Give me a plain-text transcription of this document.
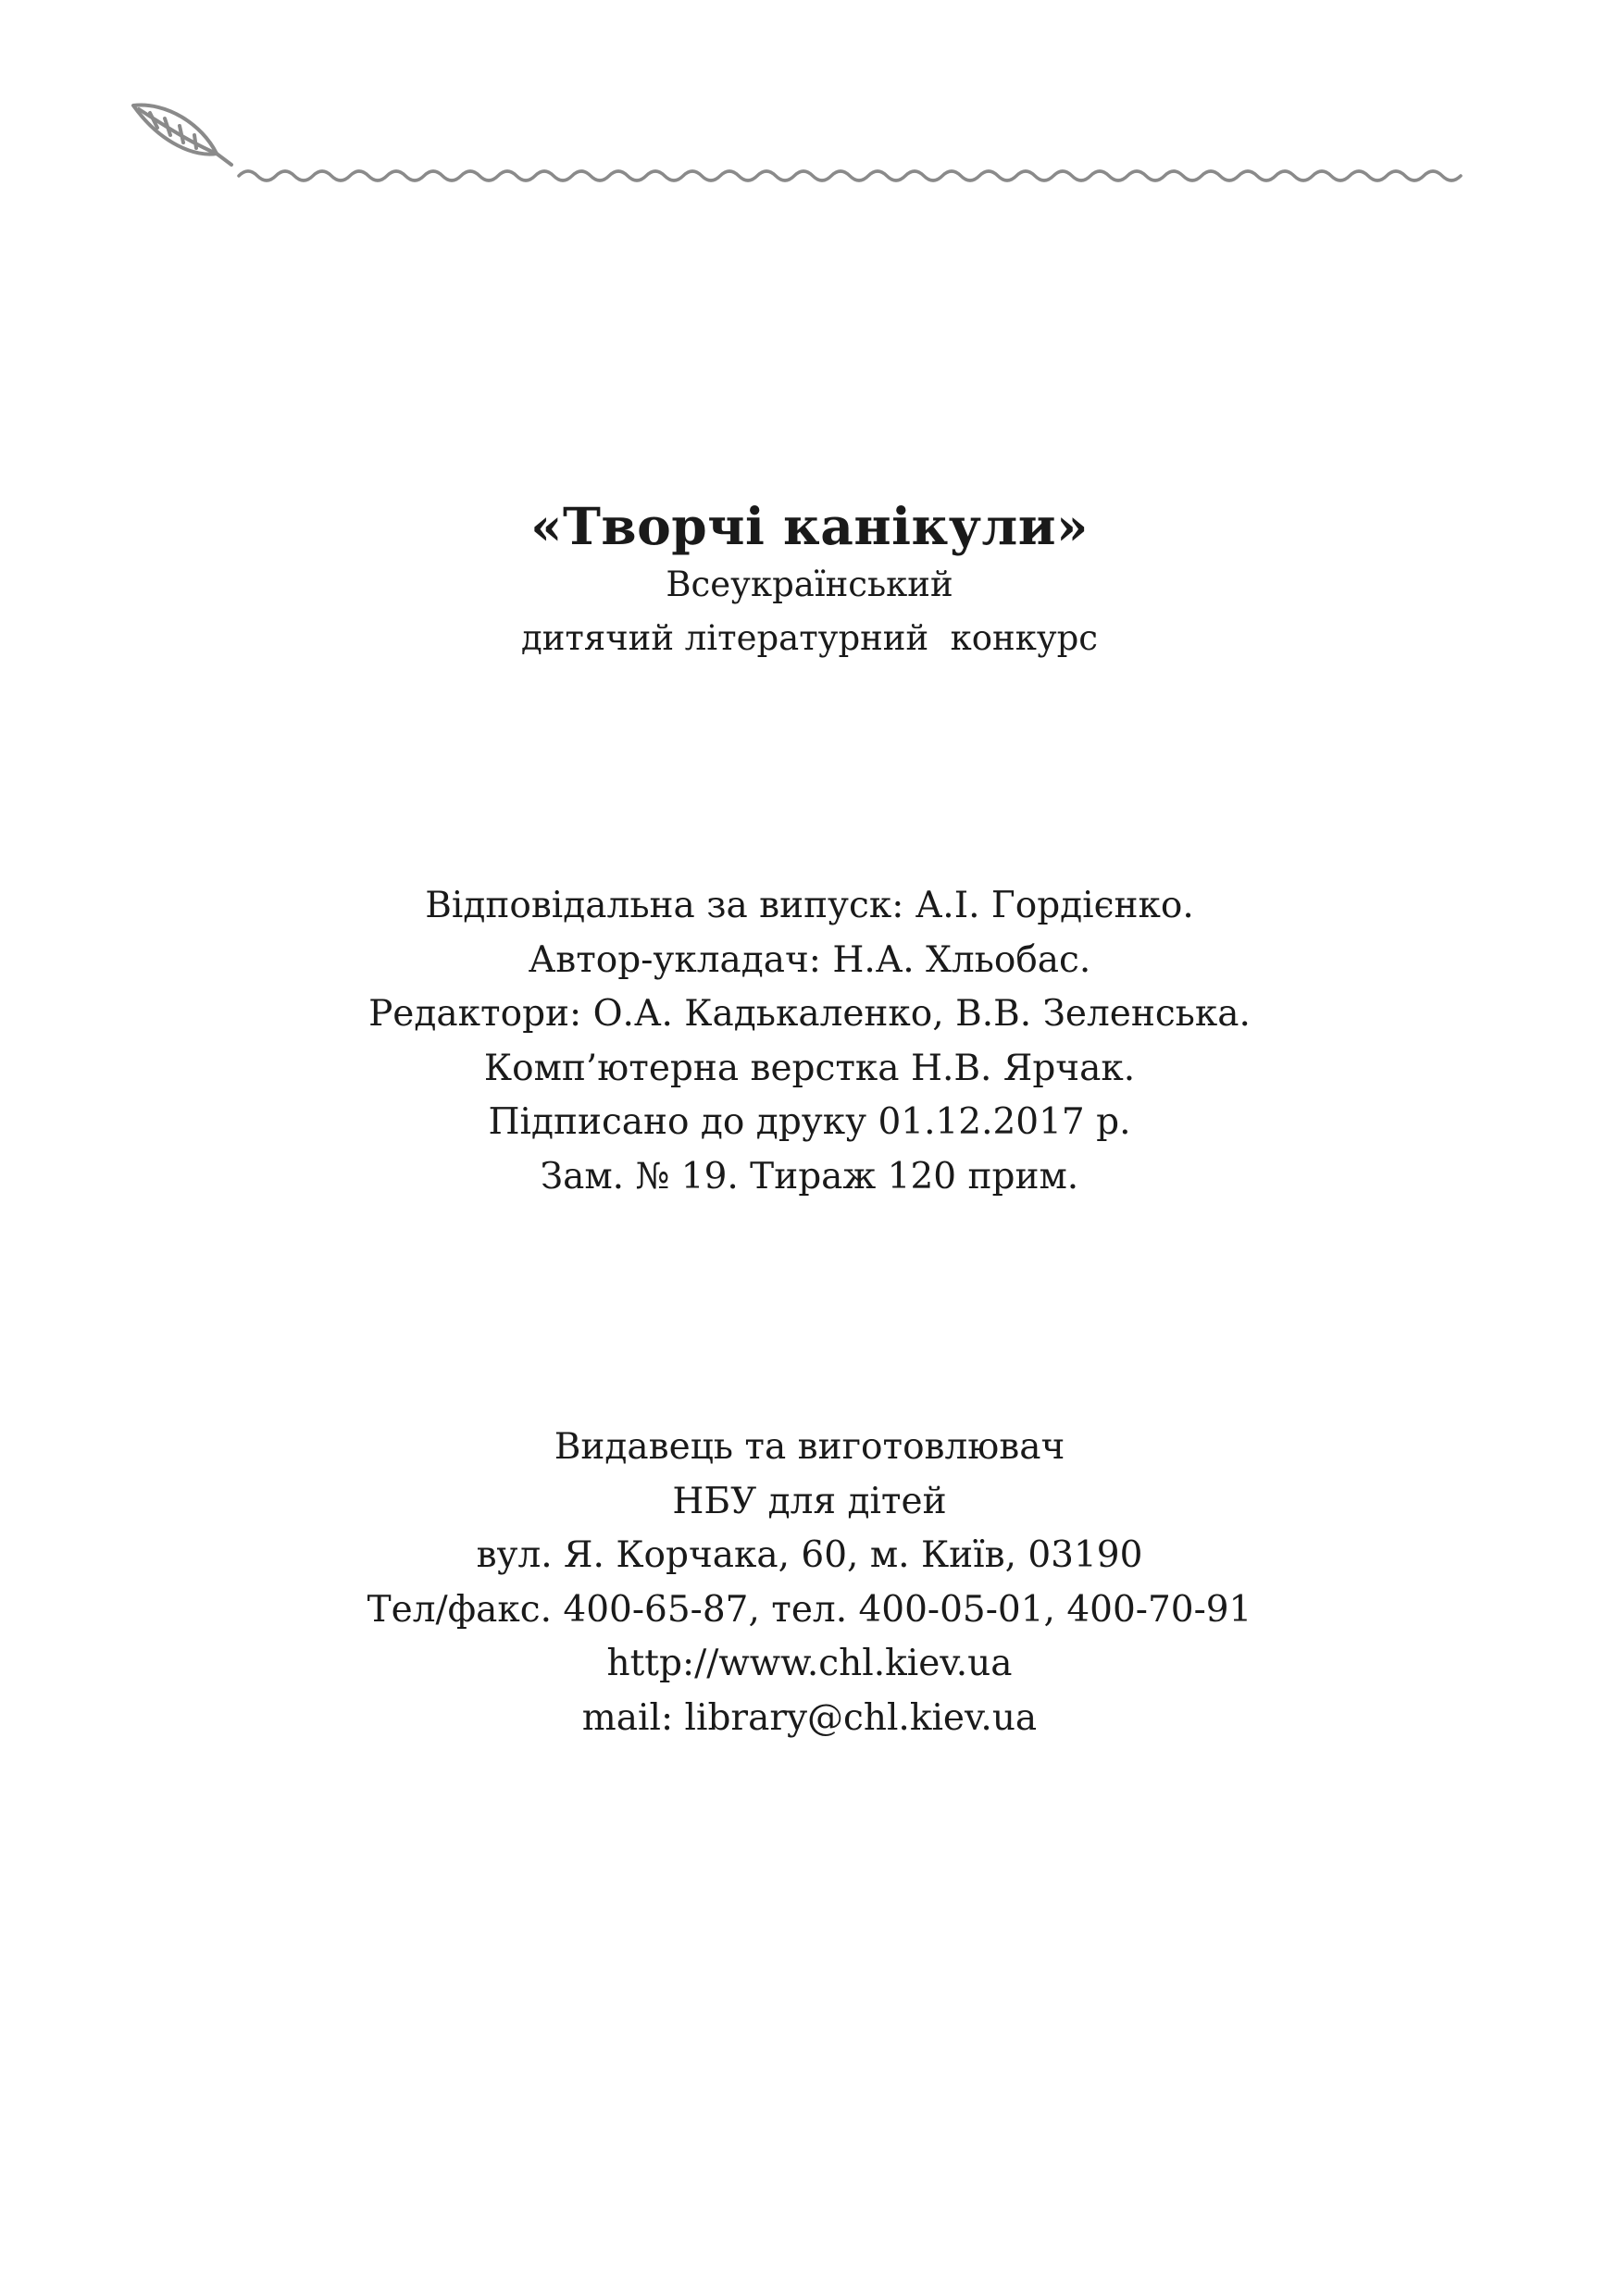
«Творчі канікули»
Всеукраїнський
дитячий літературний  конкурс
Відповідальна за випуск: А.І. Гордієнко.
Автор-укладач: Н.А. Хльобас.
Редактори: О.А. Кадькаленко, В.В. Зеленська.
Комп’ютерна верстка Н.В. Ярчак.
Підписано до друку 01.12.2017 р.
Зам. № 19. Тираж 120 прим.
Видавець та виготовлювач
НБУ для дітей
вул. Я. Корчака, 60, м. Київ, 03190
Тел/факс. 400-65-87, тел. 400-05-01, 400-70-91
http://www.chl.kiev.ua
mail: library@chl.kiev.ua
